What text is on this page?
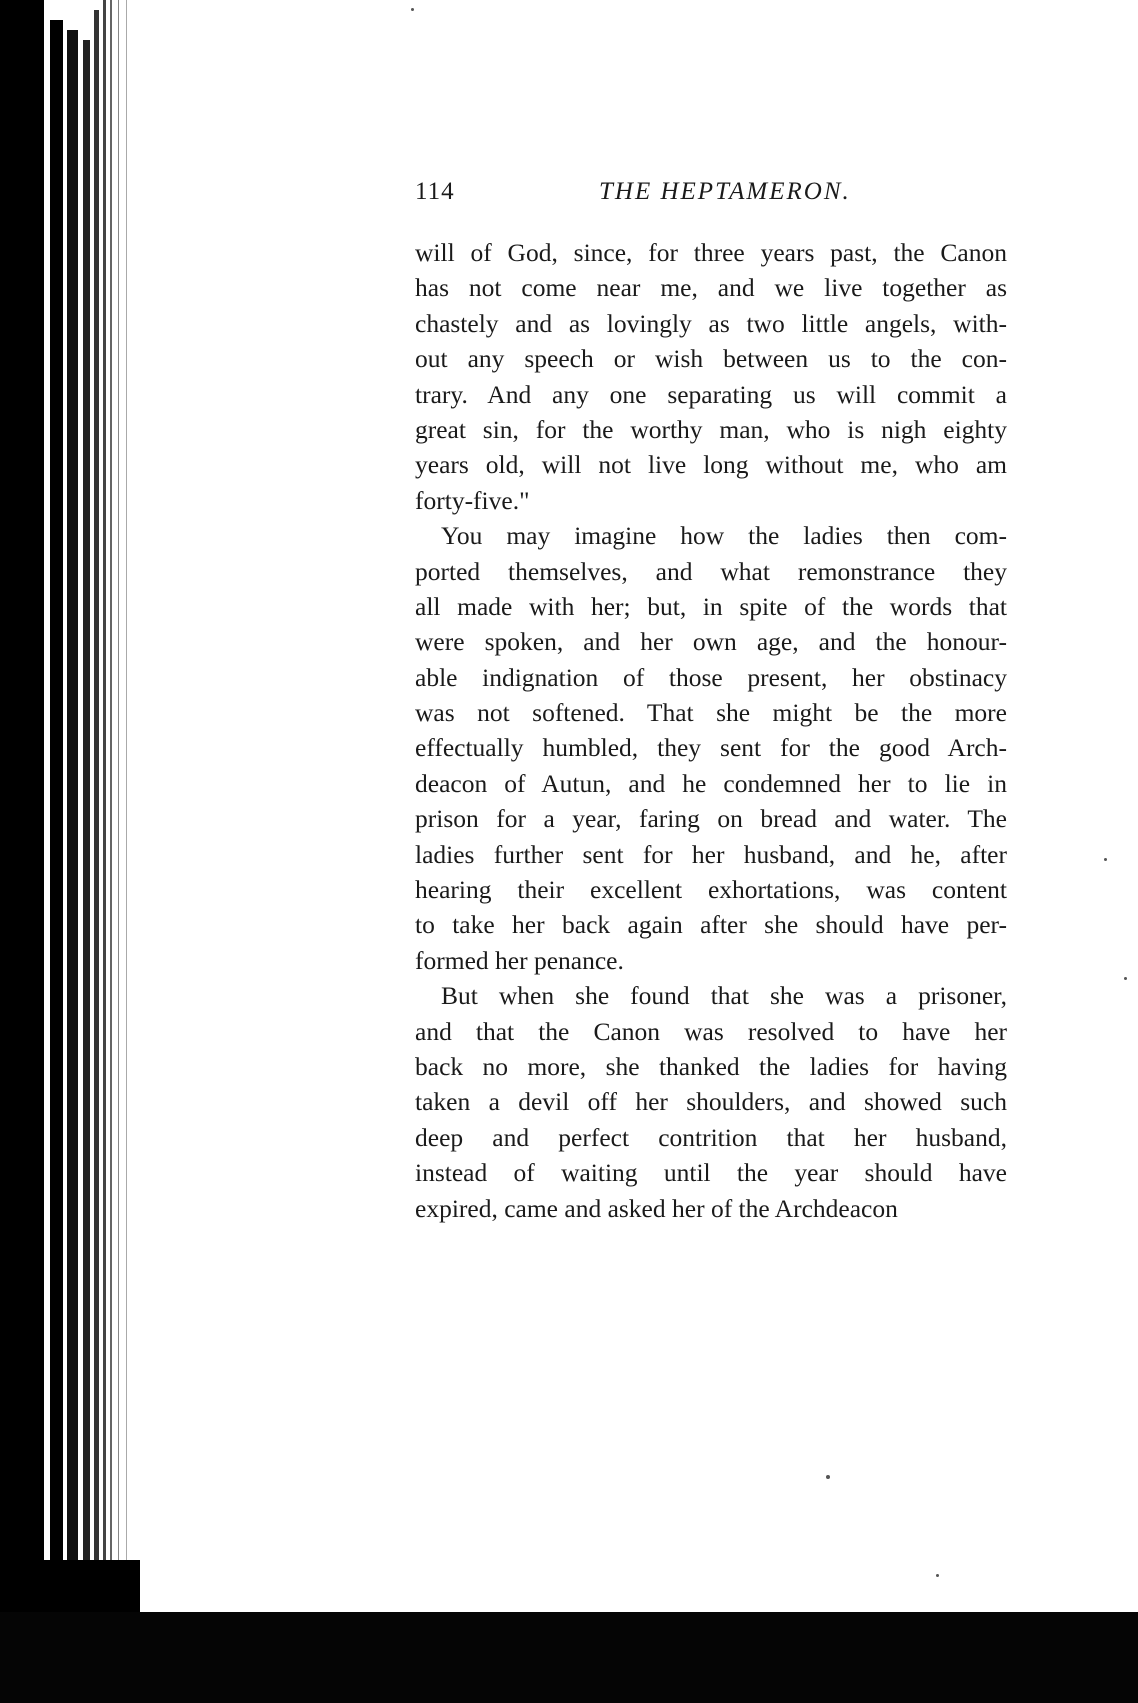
114	THE HEPTAMERON.
will of God, since, for three years past, the Canon
has not come near me, and we live together as
chastely and as lovingly as two little angels, with-
out any speech or wish between us to the con-
trary. And any one separating us will commit a
great sin, for the worthy man, who is nigh eighty
years old, will not live long without me, who am
forty-five."
You may imagine how the ladies then com-
ported themselves, and what remonstrance they
all made with her; but, in spite of the words that
were spoken, and her own age, and the honour-
able indignation of those present, her obstinacy
was not softened. That she might be the more
effectually humbled, they sent for the good Arch-
deacon of Autun, and he condemned her to lie in
prison for a year, faring on bread and water. The
ladies further sent for her husband, and he, after
hearing their excellent exhortations, was content
to take her back again after she should have per-
formed her penance.
But when she found that she was a prisoner,
and that the Canon was resolved to have her
back no more, she thanked the ladies for having
taken a devil off her shoulders, and showed such
deep and perfect contrition that her husband,
instead of waiting until the year should have
expired, came and asked her of the Archdeacon
